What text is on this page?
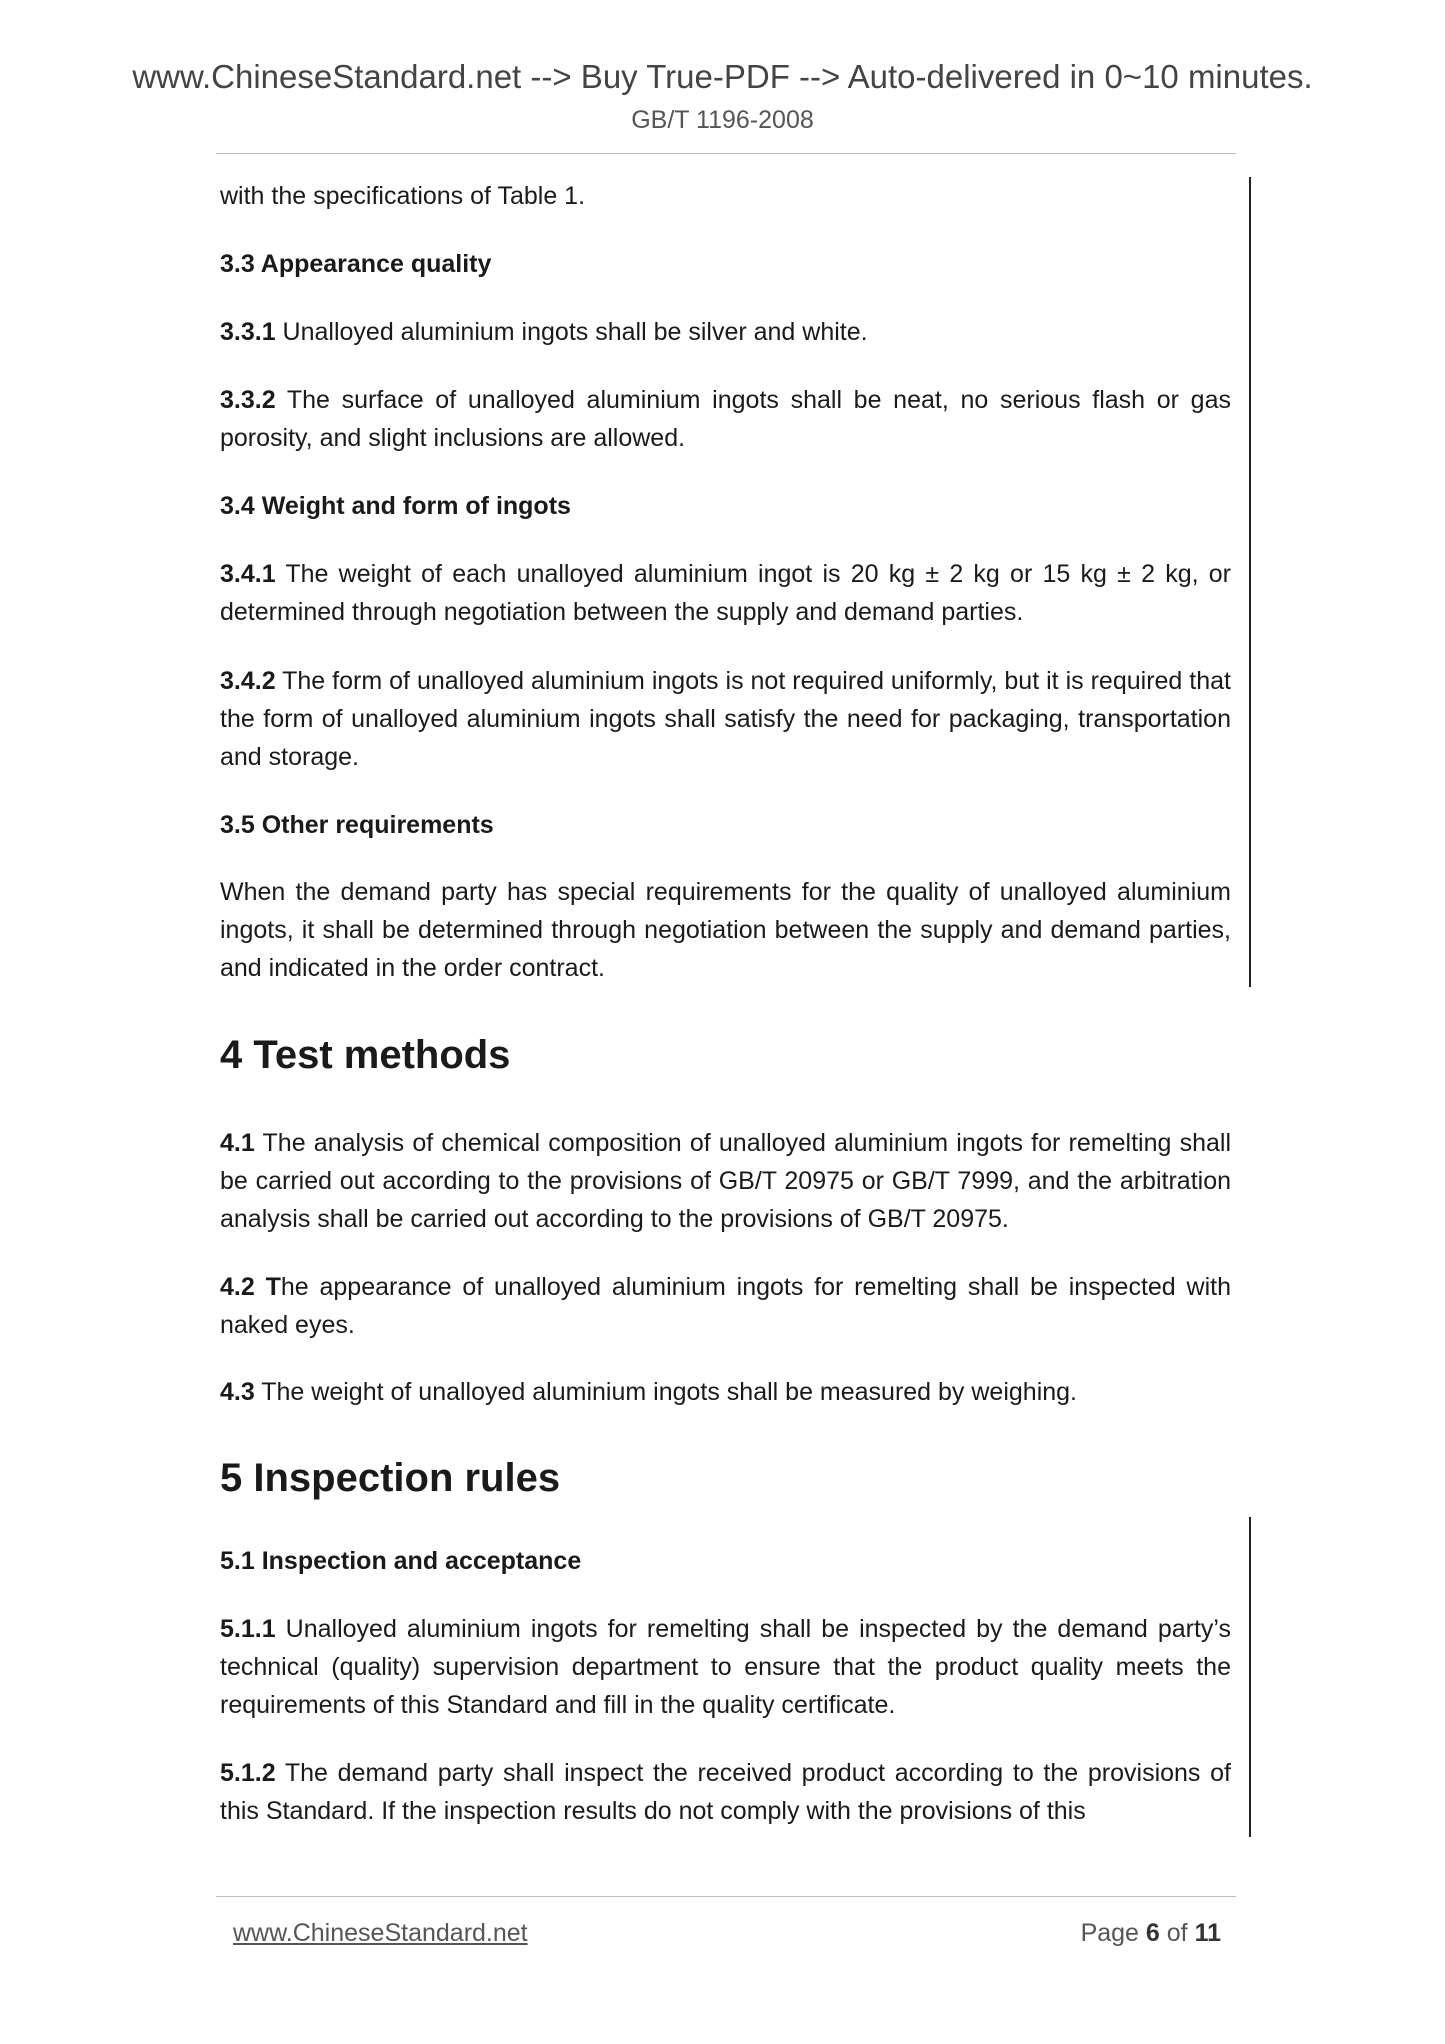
www.ChineseStandard.net --> Buy True-PDF --> Auto-delivered in 0~10 minutes.
GB/T 1196-2008
with the specifications of Table 1.
3.3 Appearance quality
3.3.1 Unalloyed aluminium ingots shall be silver and white.
3.3.2 The surface of unalloyed aluminium ingots shall be neat, no serious flash or gas porosity, and slight inclusions are allowed.
3.4 Weight and form of ingots
3.4.1 The weight of each unalloyed aluminium ingot is 20 kg ± 2 kg or 15 kg ± 2 kg, or determined through negotiation between the supply and demand parties.
3.4.2 The form of unalloyed aluminium ingots is not required uniformly, but it is required that the form of unalloyed aluminium ingots shall satisfy the need for packaging, transportation and storage.
3.5 Other requirements
When the demand party has special requirements for the quality of unalloyed aluminium ingots, it shall be determined through negotiation between the supply and demand parties, and indicated in the order contract.
4 Test methods
4.1 The analysis of chemical composition of unalloyed aluminium ingots for remelting shall be carried out according to the provisions of GB/T 20975 or GB/T 7999, and the arbitration analysis shall be carried out according to the provisions of GB/T 20975.
4.2 The appearance of unalloyed aluminium ingots for remelting shall be inspected with naked eyes.
4.3 The weight of unalloyed aluminium ingots shall be measured by weighing.
5 Inspection rules
5.1 Inspection and acceptance
5.1.1 Unalloyed aluminium ingots for remelting shall be inspected by the demand party’s technical (quality) supervision department to ensure that the product quality meets the requirements of this Standard and fill in the quality certificate.
5.1.2 The demand party shall inspect the received product according to the provisions of this Standard. If the inspection results do not comply with the provisions of this
www.ChineseStandard.net	Page 6 of 11
